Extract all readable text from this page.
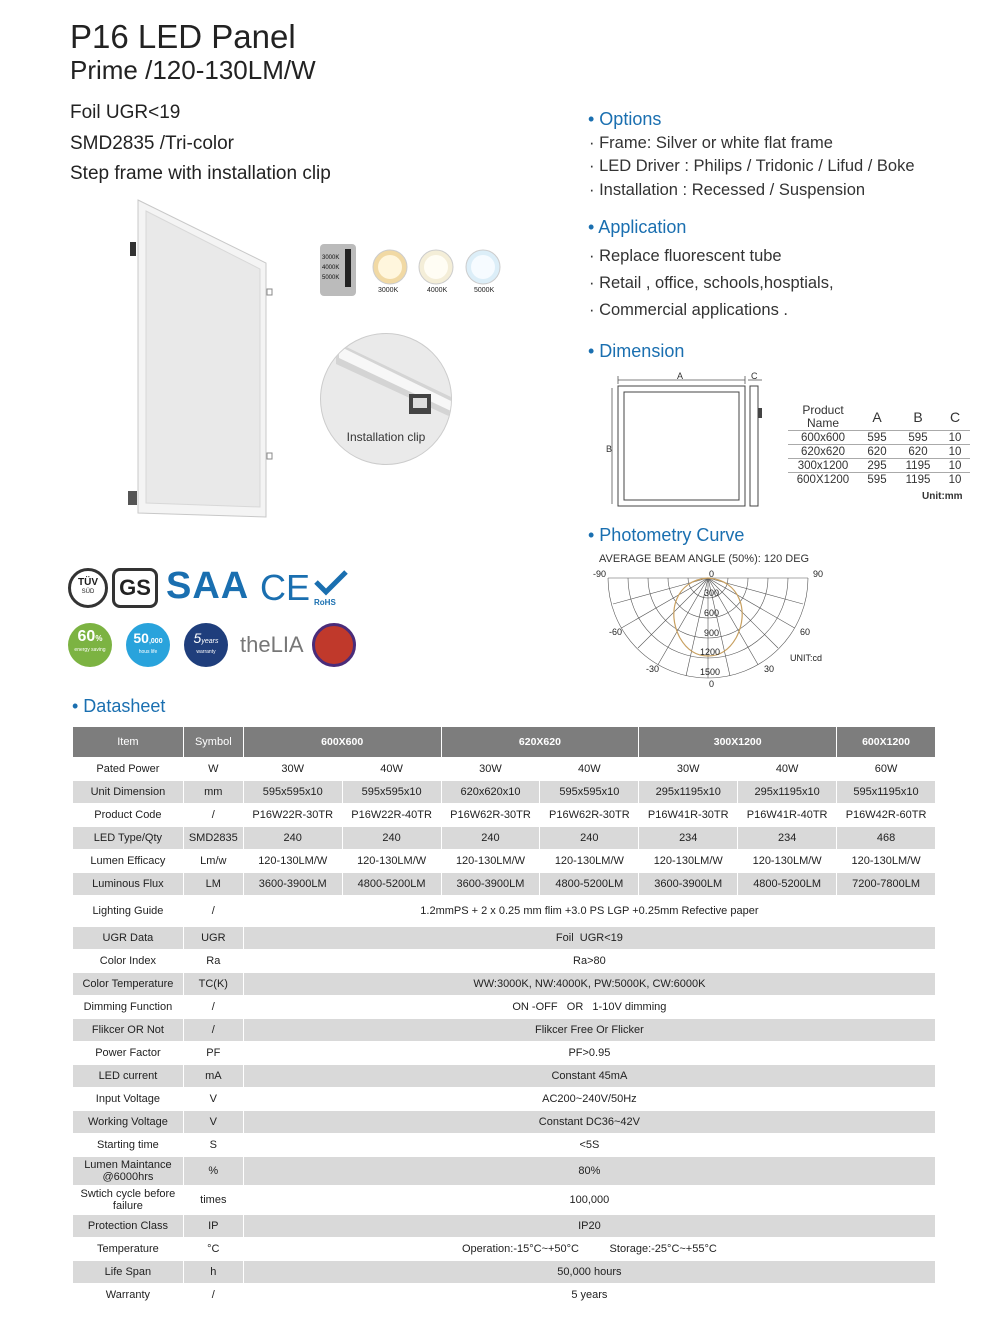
P16 LED Panel
Prime /120-130LM/W
Foil UGR<19
SMD2835 /Tri-color
Step frame with installation clip
3000K
4000K
5000K
3000K	4000K	5000K
Installation clip
• Options
· Frame: Silver or white flat frame
· LED Driver : Philips / Tridonic / Lifud / Boke
· Installation : Recessed / Suspension
• Application
· Replace fluorescent tube
· Retail , office, schools,hosptials,
· Commercial applications .
• Dimension
A
B
C
Product Name	A	B	C
600x600	595	595	10
620x620	620	620	10
300x1200	295	1195	10
600X1200	595	1195	10
Unit:mm
• Photometry Curve
AVERAGE BEAM ANGLE (50%): 120 DEG
-90	90
-60	60
-30	30
0
0
300
600
900
1200
1500
UNIT:cd
TÜV
SÜD	GS SAA CE RoHS
60%
energy saving
50,000
hous life
5years
warranty	theLIA
• Datasheet
Item	Symbol	600X600		620X620		300X1200		600X1200
Pated Power	W	30W	40W	30W	40W	30W	40W	60W
Unit Dimension	mm	595x595x10	595x595x10	620x620x10	595x595x10	295x1195x10	295x1195x10	595x1195x10
Product Code	/	P16W22R-30TR	P16W22R-40TR	P16W62R-30TR	P16W62R-30TR	P16W41R-30TR	P16W41R-40TR	P16W42R-60TR
LED Type/Qty	SMD2835	240	240	240	240	234	234	468
Lumen Efficacy	Lm/w	120-130LM/W	120-130LM/W	120-130LM/W	120-130LM/W	120-130LM/W	120-130LM/W	120-130LM/W
Luminous Flux	LM	3600-3900LM	4800-5200LM	3600-3900LM	4800-5200LM	3600-3900LM	4800-5200LM	7200-7800LM
Lighting Guide	/	1.2mmPS + 2 x 0.25 mm flim +3.0 PS LGP +0.25mm Refective paper						
UGR Data	UGR	Foil  UGR<19						
Color Index	Ra	Ra>80						
Color Temperature	TC(K)	WW:3000K, NW:4000K, PW:5000K, CW:6000K						
Dimming Function	/	ON -OFF   OR   1-10V dimming						
Flikcer OR Not	/	Flikcer Free Or Flicker						
Power Factor	PF	PF>0.95						
LED current	mA	Constant 45mA						
Input Voltage	V	AC200~240V/50Hz						
Working Voltage	V	Constant DC36~42V						
Starting time	S	<5S						
Lumen Maintance @6000hrs	%	80%						
Swtich cycle before failure	times	100,000						
Protection Class	IP	IP20						
Temperature	°C	Operation:-15°C~+50°C          Storage:-25°C~+55°C						
Life Span	h	50,000 hours						
Warranty	/	5 years						
